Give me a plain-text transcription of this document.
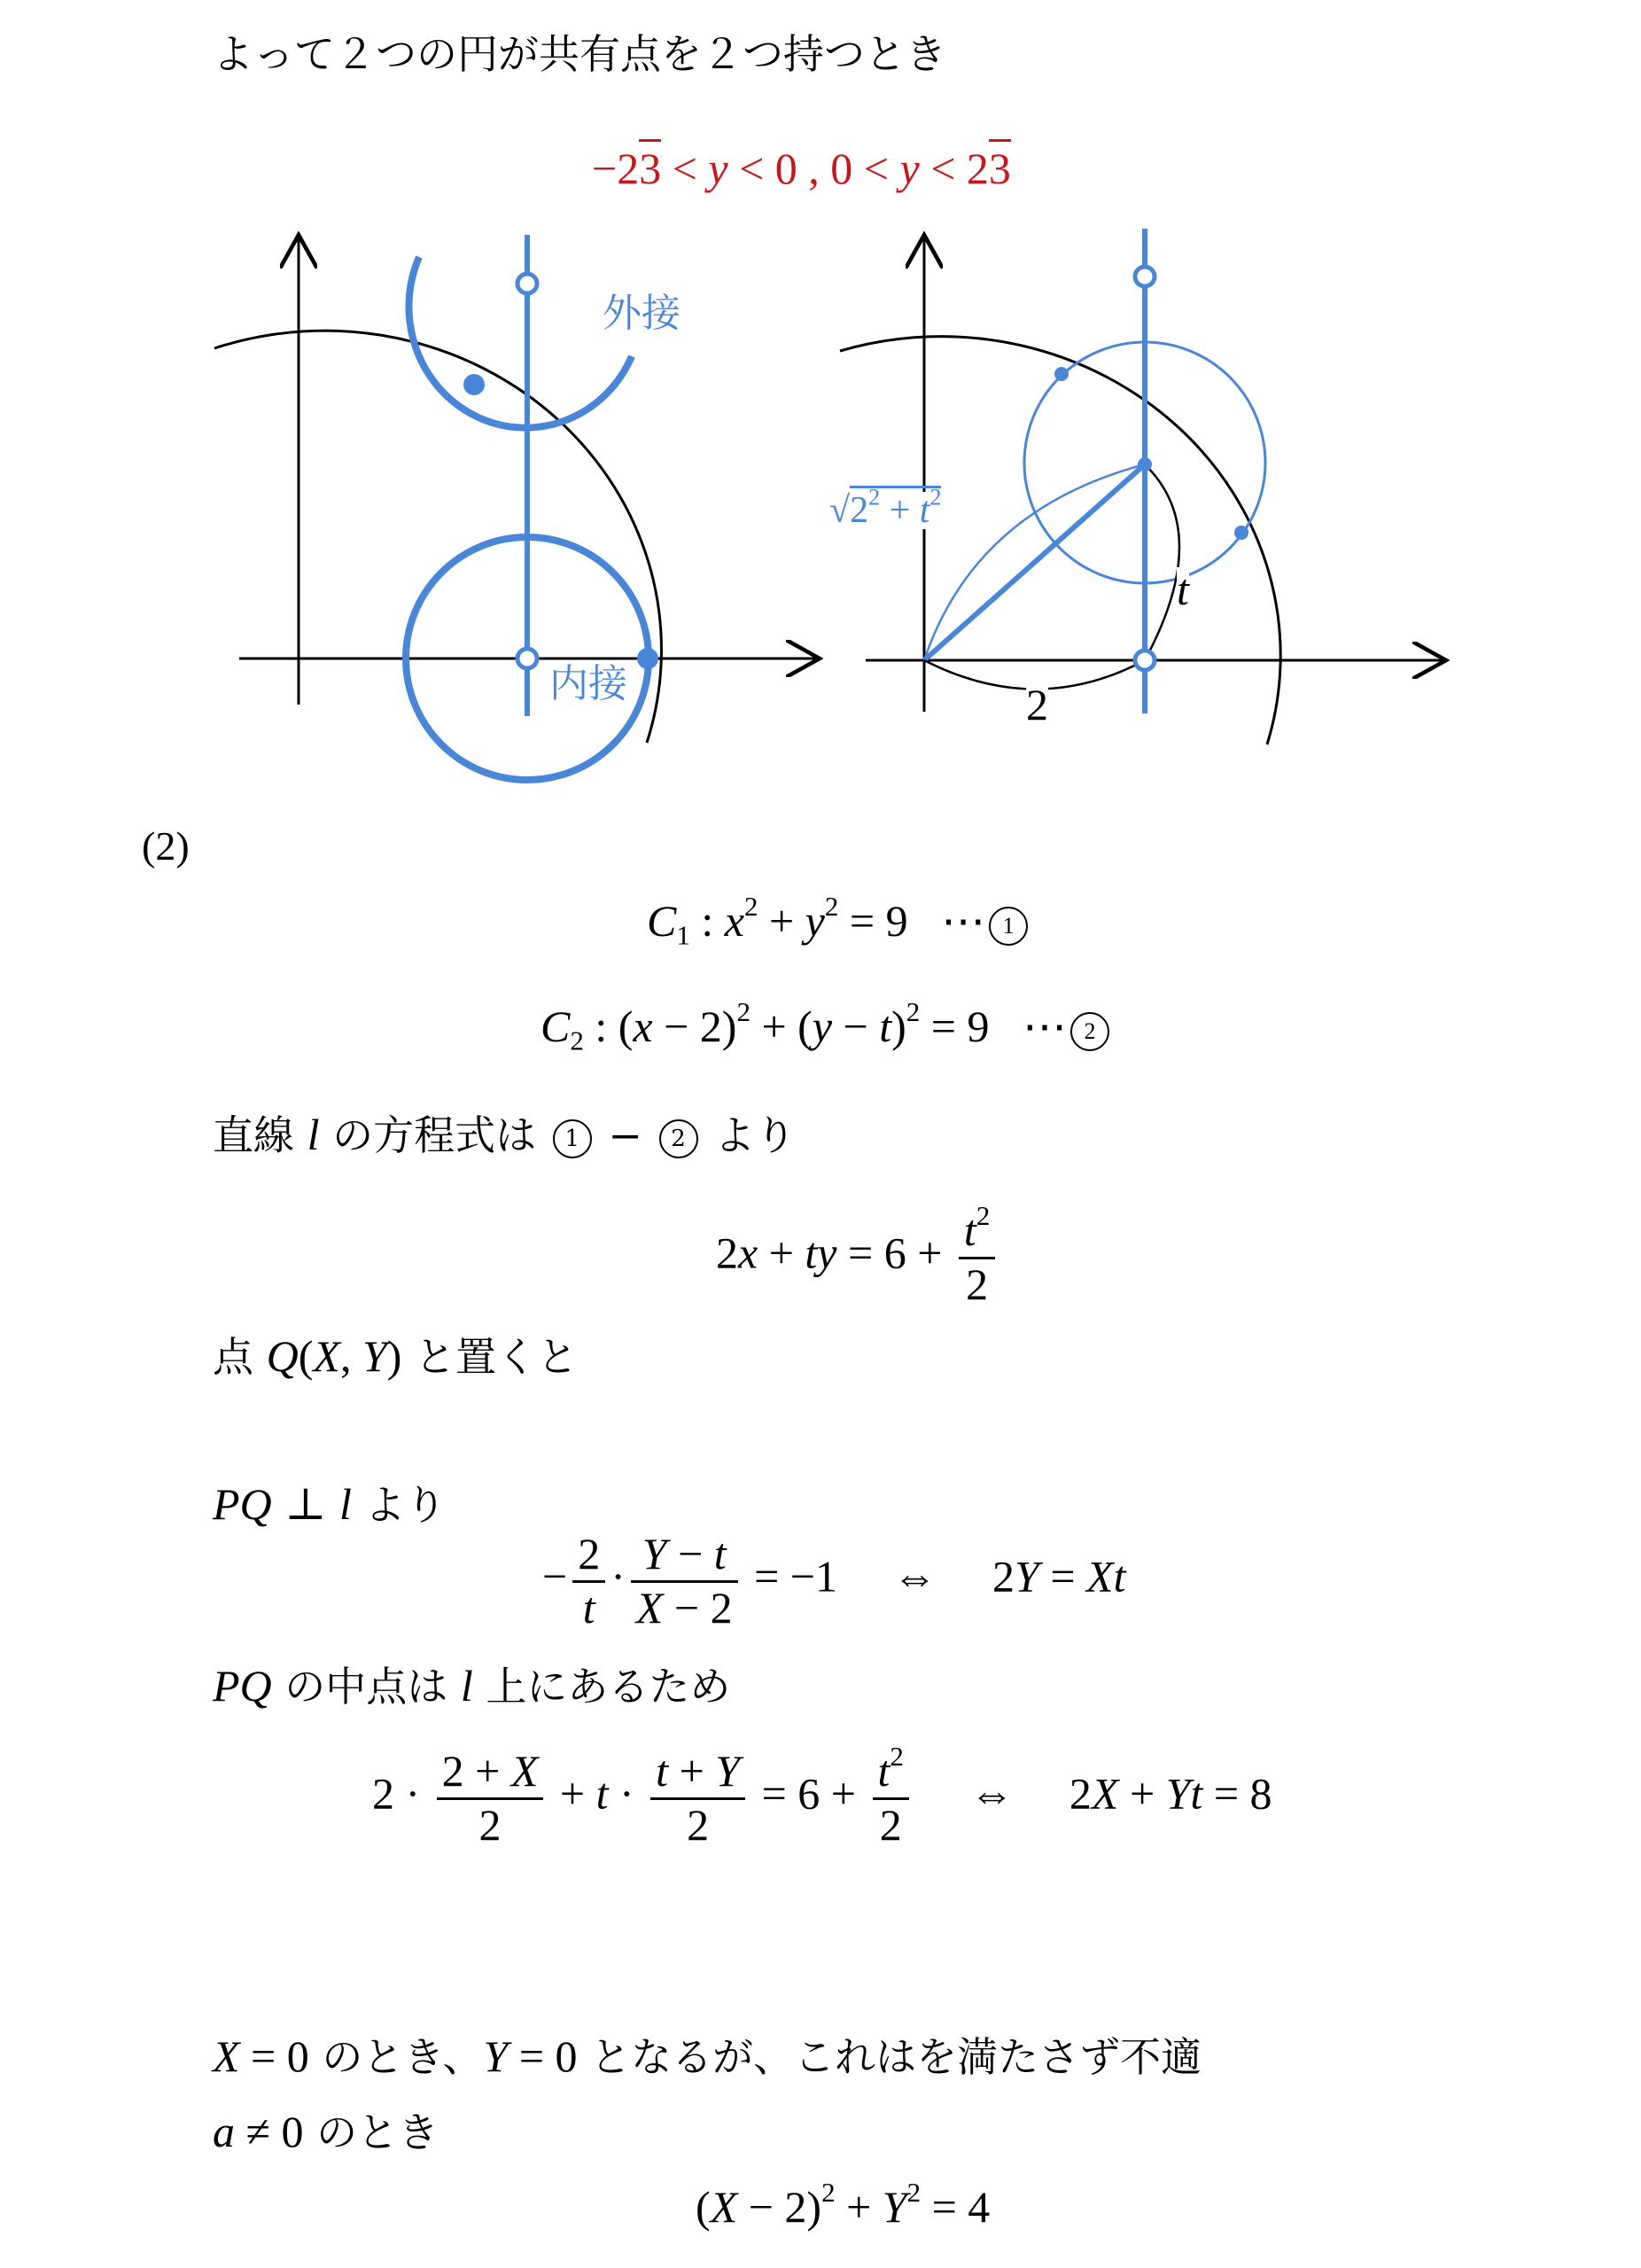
よって２つの円が共有点を２つ持つとき
−23 < y < 0 , 0 < y < 23
外接
内接
$√2^2 + t^2$
t
2
(2)
$C_1$ : $x^2 + y^2 = 9$   ⋯ 1
$C_2$ : $(x - 2)^2 + (y - t)^2 = 9$   ⋯ 2
直線 l の方程式は 1 − 2 より
2x + ty = $6 + \frac{t^2}{2}$
点 Q(X, Y) と置くと
PQ ⊥ l より
− $\frac{2}{t} \cdot \frac{Y - t}{X - 2} = -1$     ⇔     2Y = Xt
PQ の中点は l 上にあるため
$2 \cdot \frac{2 + X}{2} + t \cdot \frac{t + Y}{2} = 6 + \frac{t^2}{2}$ ⇔     2X + Yt = 8
X = 0 のとき、Y = 0 となるが、これはを満たさず不適
a ≠ 0 のとき
$(X - 2)^2 + Y^2 = 4$
